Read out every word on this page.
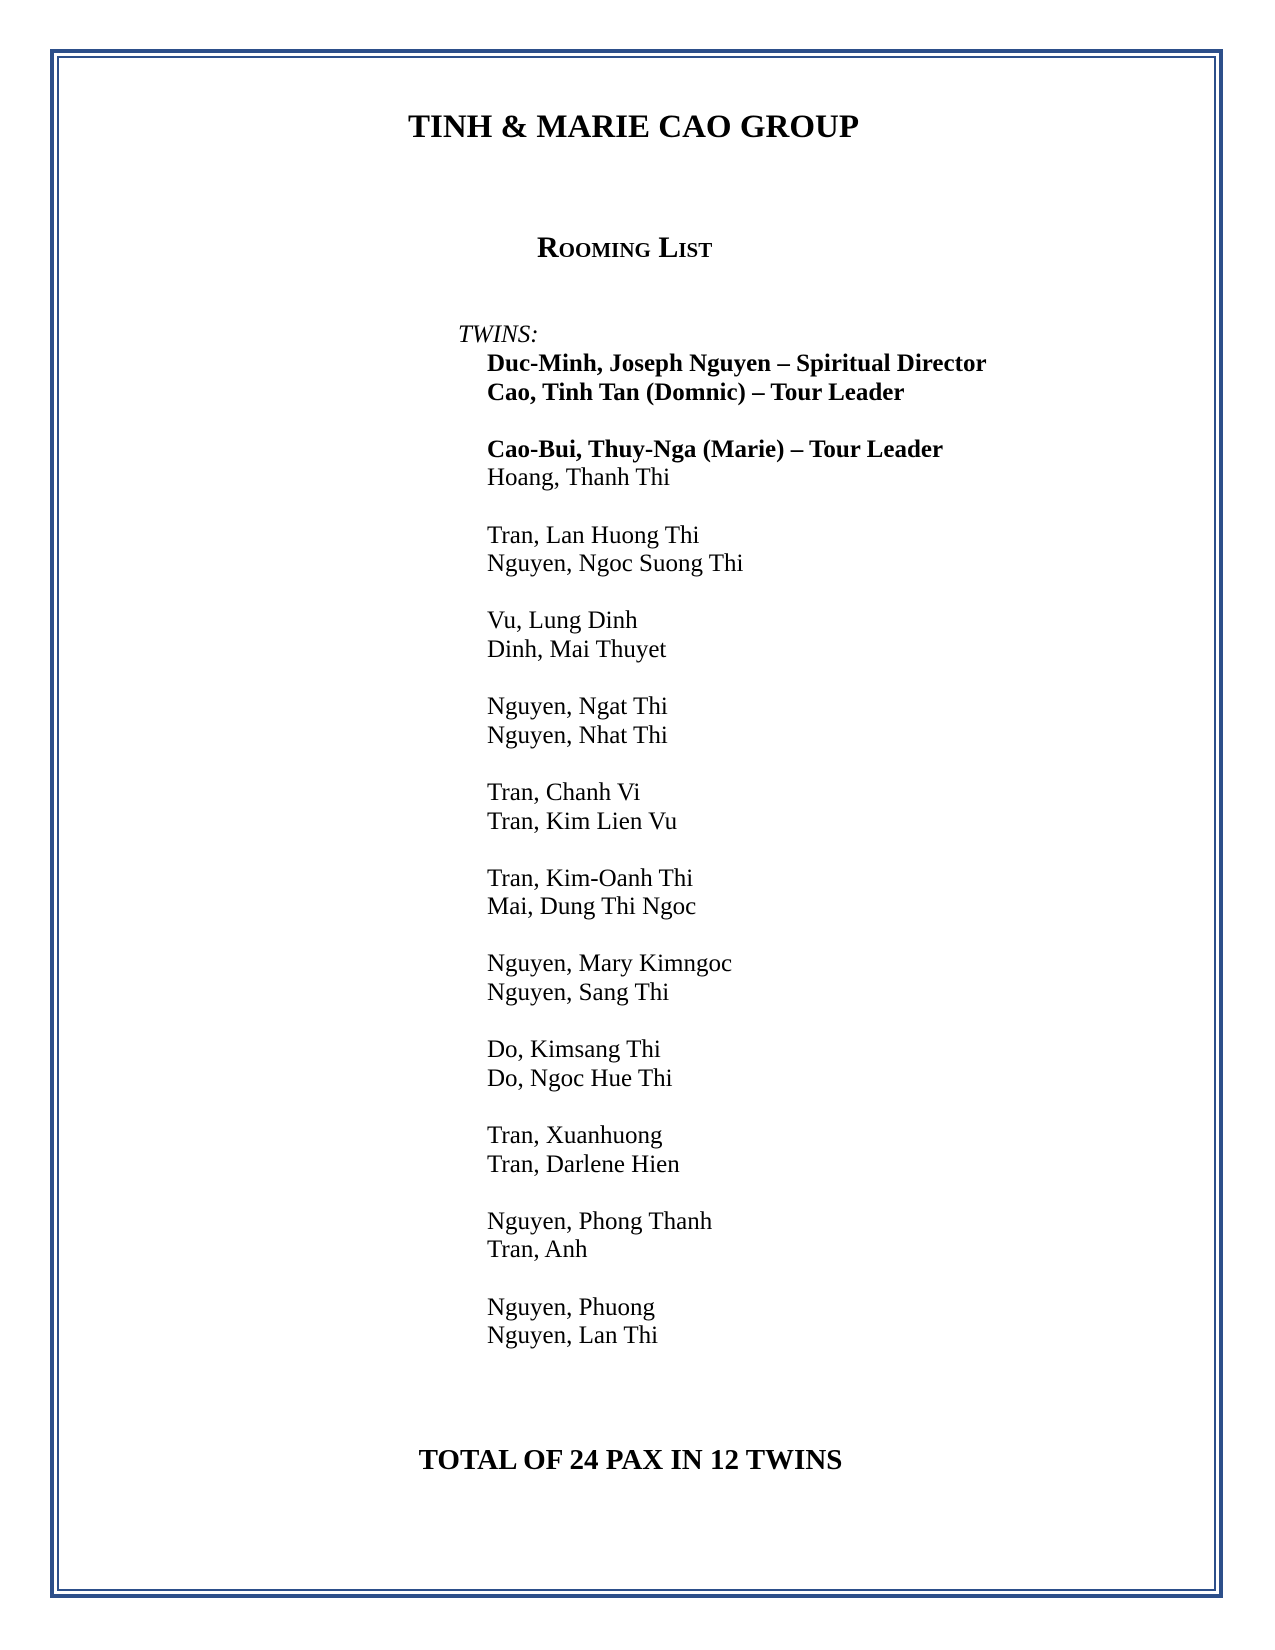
TINH & MARIE CAO GROUP
Rooming List
TWINS:
Duc-Minh, Joseph Nguyen – Spiritual Director
Cao, Tinh Tan (Domnic) – Tour Leader
Cao-Bui, Thuy-Nga (Marie) – Tour Leader
Hoang, Thanh Thi
Tran, Lan Huong Thi
Nguyen, Ngoc Suong Thi
Vu, Lung Dinh
Dinh, Mai Thuyet
Nguyen, Ngat Thi
Nguyen, Nhat Thi
Tran, Chanh Vi
Tran, Kim Lien Vu
Tran, Kim-Oanh Thi
Mai, Dung Thi Ngoc
Nguyen, Mary Kimngoc
Nguyen, Sang Thi
Do, Kimsang Thi
Do, Ngoc Hue Thi
Tran, Xuanhuong
Tran, Darlene Hien
Nguyen, Phong Thanh
Tran, Anh
Nguyen, Phuong
Nguyen, Lan Thi
TOTAL OF 24 PAX IN 12 TWINS
